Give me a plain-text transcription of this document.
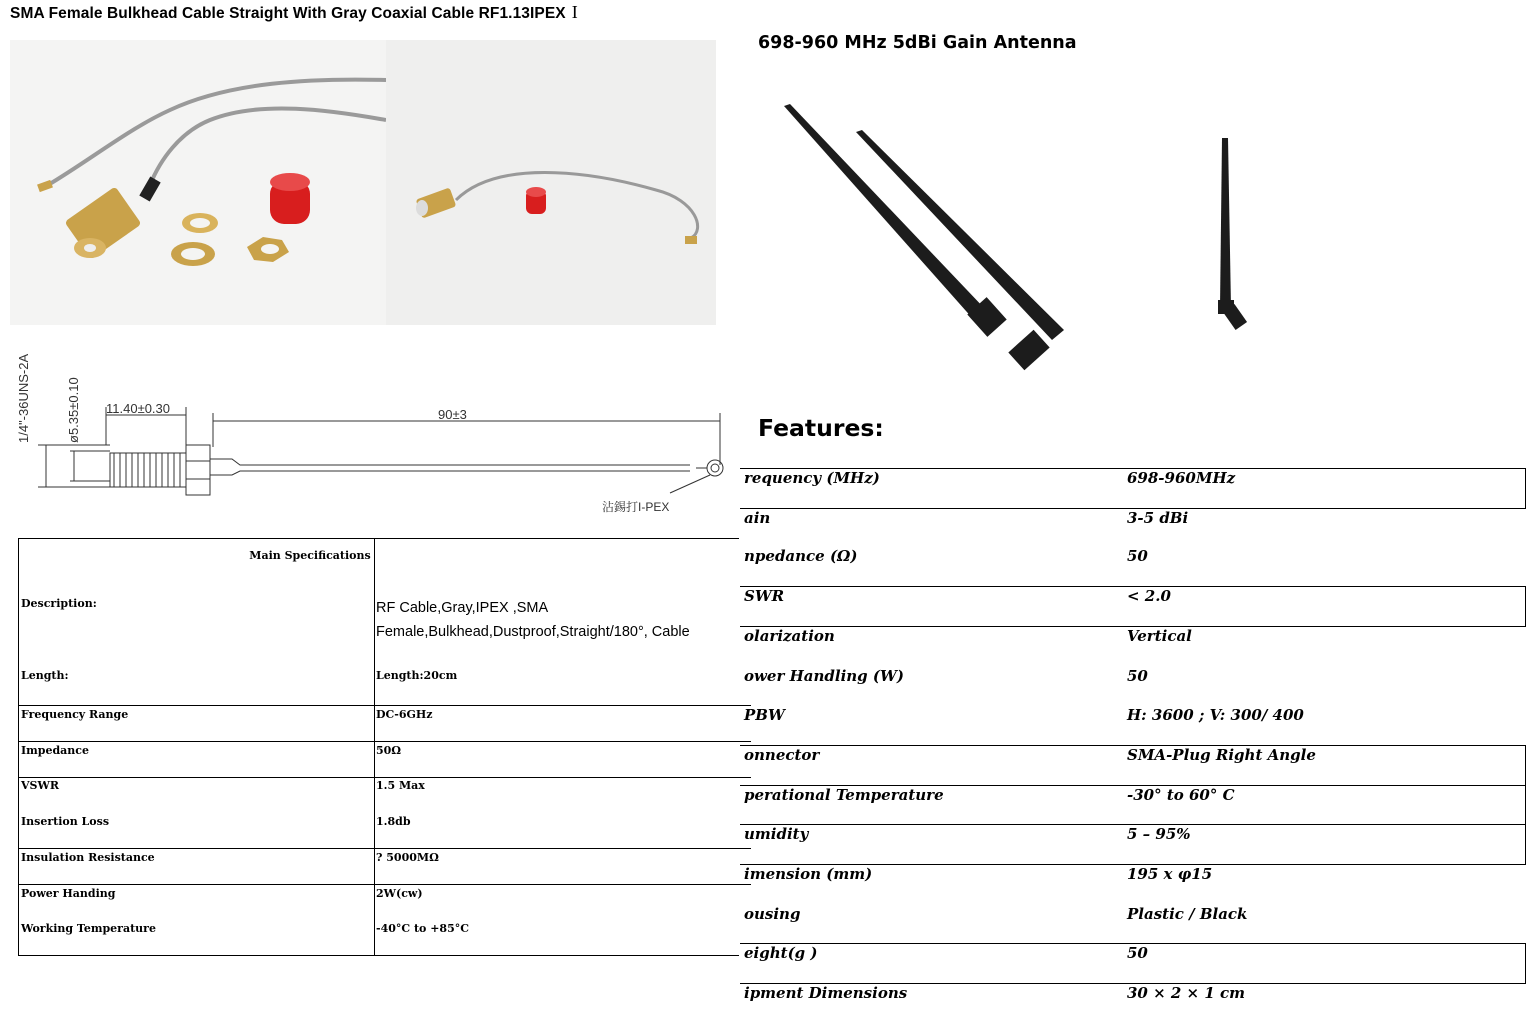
SMA Female Bulkhead Cable Straight With Gray Coaxial Cable RF1.13IPEX I
1/4"-36UNS-2A	ø5.35±0.10 11.40±0.30	90±3
沾錫打I-PEX
Main Specifications
Description:	RF Cable,Gray,IPEX ,SMA Female,Bulkhead,Dustproof,Straight/180°, Cable
Length:	Length:20cm
Frequency Range	DC-6GHz
Impedance	50Ω
VSWR	1.5 Max
Insertion Loss	1.8db
Insulation Resistance	? 5000MΩ
Power Handing	2W(cw)
Working Temperature	-40°C to +85°C
698-960 MHz 5dBi Gain Antenna
Features:
requency (MHz)	698-960MHz
ain	3-5 dBi
npedance (Ω)	50
SWR	< 2.0
olarization	Vertical
ower Handling (W)	50
PBW	H: 3600 ; V: 300/ 400
onnector	SMA-Plug Right Angle
perational Temperature	-30° to 60° C
umidity	5 – 95%
imension (mm)	195 x φ15
ousing	Plastic / Black
eight(g )	50
ipment Dimensions	30 × 2 × 1 cm
